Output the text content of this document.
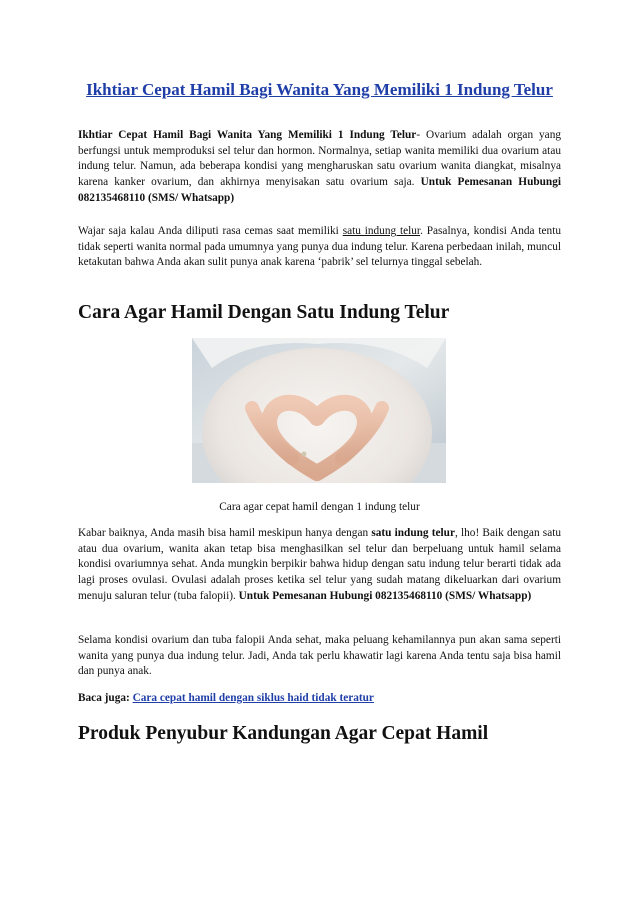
Ikhtiar Cepat Hamil Bagi Wanita Yang Memiliki 1 Indung Telur

Ikhtiar Cepat Hamil Bagi Wanita Yang Memiliki 1 Indung Telur- Ovarium adalah organ yang berfungsi untuk memproduksi sel telur dan hormon. Normalnya, setiap wanita memiliki dua ovarium atau indung telur. Namun, ada beberapa kondisi yang mengharuskan satu ovarium wanita diangkat, misalnya karena kanker ovarium, dan akhirnya menyisakan satu ovarium saja. Untuk Pemesanan Hubungi 082135468110 (SMS/ Whatsapp)

Wajar saja kalau Anda diliputi rasa cemas saat memiliki satu indung telur. Pasalnya, kondisi Anda tentu tidak seperti wanita normal pada umumnya yang punya dua indung telur. Karena perbedaan inilah, muncul ketakutan bahwa Anda akan sulit punya anak karena ‘pabrik’ sel telurnya tinggal sebelah.

Cara Agar Hamil Dengan Satu Indung Telur
Cara agar cepat hamil dengan 1 indung telur

Kabar baiknya, Anda masih bisa hamil meskipun hanya dengan satu indung telur, lho! Baik dengan satu atau dua ovarium, wanita akan tetap bisa menghasilkan sel telur dan berpeluang untuk hamil selama kondisi ovariumnya sehat. Anda mungkin berpikir bahwa hidup dengan satu indung telur berarti tidak ada lagi proses ovulasi. Ovulasi adalah proses ketika sel telur yang sudah matang dikeluarkan dari ovarium menuju saluran telur (tuba falopii). Untuk Pemesanan Hubungi 082135468110 (SMS/ Whatsapp)

Selama kondisi ovarium dan tuba falopii Anda sehat, maka peluang kehamilannya pun akan sama seperti wanita yang punya dua indung telur. Jadi, Anda tak perlu khawatir lagi karena Anda tentu saja bisa hamil dan punya anak.

Baca juga: Cara cepat hamil dengan siklus haid tidak teratur

Produk Penyubur Kandungan Agar Cepat Hamil
